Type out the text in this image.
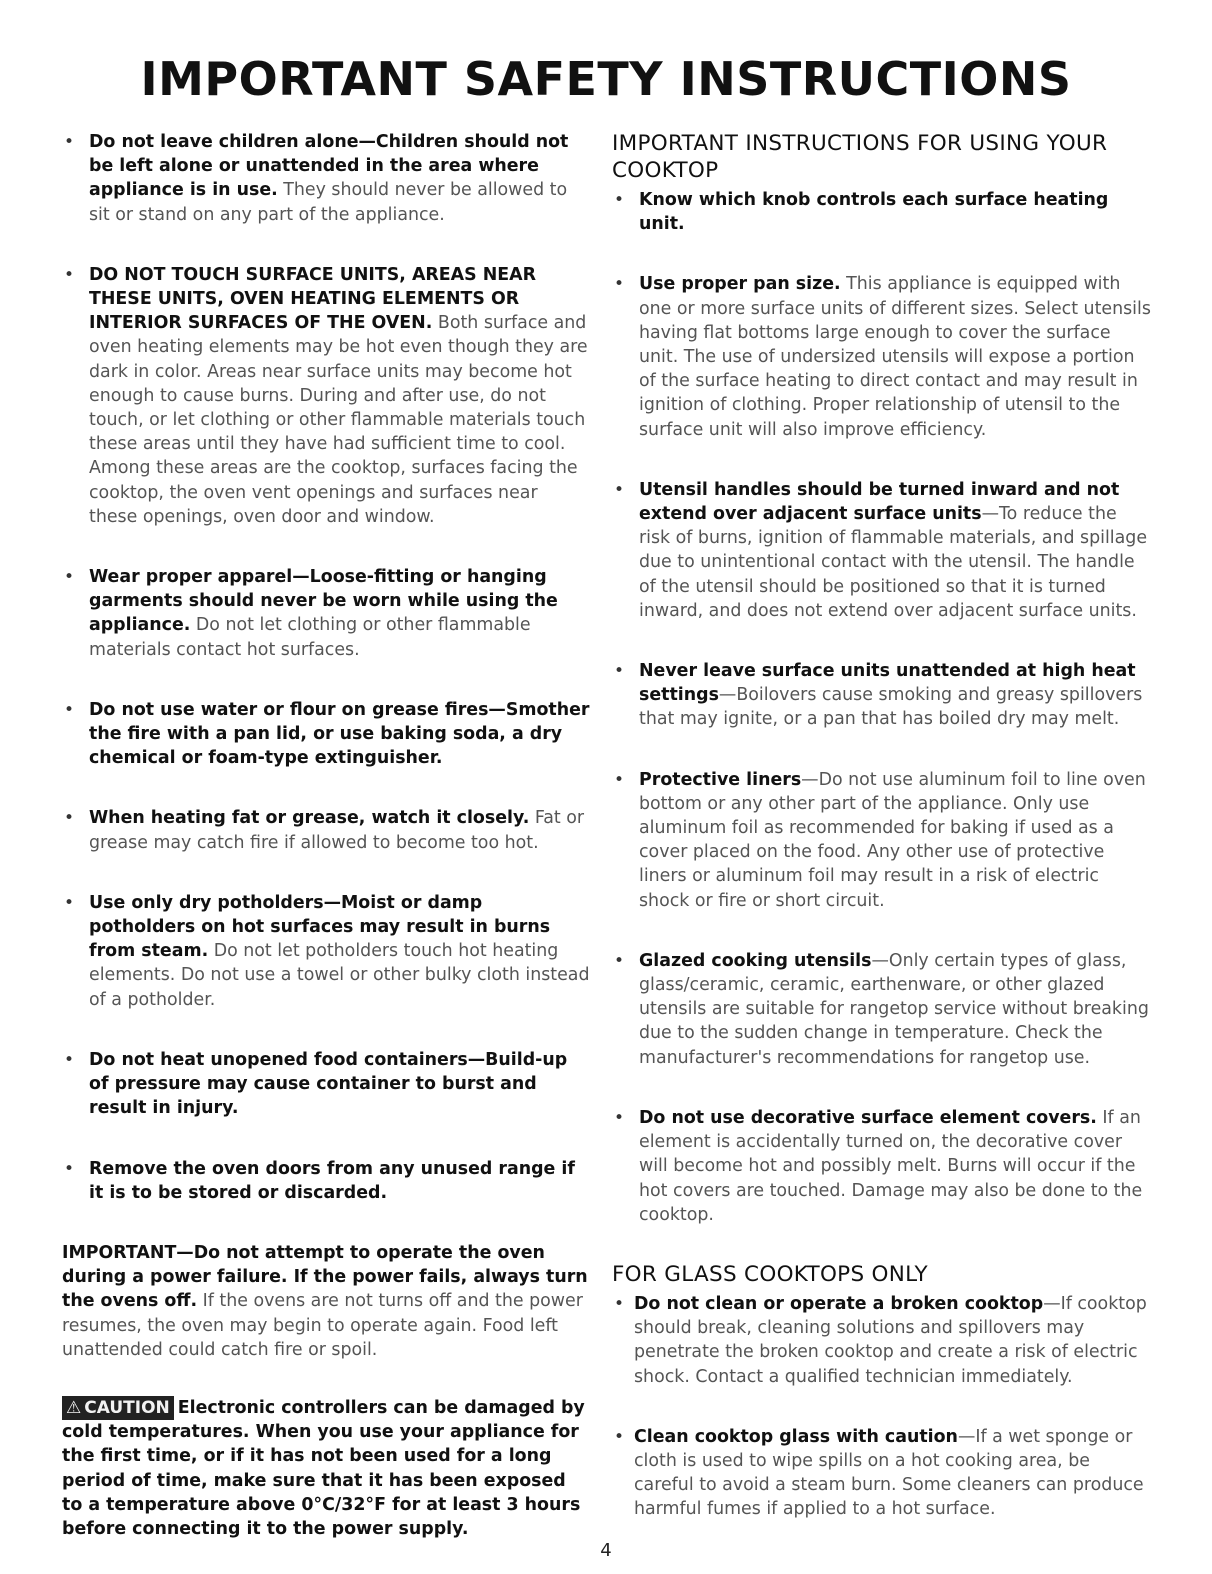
IMPORTANT SAFETY INSTRUCTIONS

• Do not leave children alone—Children should not be left alone or unattended in the area where appliance is in use. They should never be allowed to sit or stand on any part of the appliance.

• DO NOT TOUCH SURFACE UNITS, AREAS NEAR THESE UNITS, OVEN HEATING ELEMENTS OR INTERIOR SURFACES OF THE OVEN. Both surface and oven heating elements may be hot even though they are dark in color. Areas near surface units may become hot enough to cause burns. During and after use, do not touch, or let clothing or other flammable materials touch these areas until they have had sufficient time to cool. Among these areas are the cooktop, surfaces facing the cooktop, the oven vent openings and surfaces near these openings, oven door and window.

• Wear proper apparel—Loose-fitting or hanging garments should never be worn while using the appliance. Do not let clothing or other flammable materials contact hot surfaces.

• Do not use water or flour on grease fires—Smother the fire with a pan lid, or use baking soda, a dry chemical or foam-type extinguisher.

• When heating fat or grease, watch it closely. Fat or grease may catch fire if allowed to become too hot.

• Use only dry potholders—Moist or damp potholders on hot surfaces may result in burns from steam. Do not let potholders touch hot heating elements. Do not use a towel or other bulky cloth instead of a potholder.

• Do not heat unopened food containers—Build-up of pressure may cause container to burst and result in injury.

• Remove the oven doors from any unused range if it is to be stored or discarded.

IMPORTANT—Do not attempt to operate the oven during a power failure. If the power fails, always turn the ovens off. If the ovens are not turns off and the power resumes, the oven may begin to operate again. Food left unattended could catch fire or spoil.

⚠ CAUTION Electronic controllers can be damaged by cold temperatures. When you use your appliance for the first time, or if it has not been used for a long period of time, make sure that it has been exposed to a temperature above 0°C/32°F for at least 3 hours before connecting it to the power supply.

IMPORTANT INSTRUCTIONS FOR USING YOUR COOKTOP

• Know which knob controls each surface heating unit.

• Use proper pan size. This appliance is equipped with one or more surface units of different sizes. Select utensils having flat bottoms large enough to cover the surface unit. The use of undersized utensils will expose a portion of the surface heating to direct contact and may result in ignition of clothing. Proper relationship of utensil to the surface unit will also improve efficiency.

• Utensil handles should be turned inward and not extend over adjacent surface units—To reduce the risk of burns, ignition of flammable materials, and spillage due to unintentional contact with the utensil. The handle of the utensil should be positioned so that it is turned inward, and does not extend over adjacent surface units.

• Never leave surface units unattended at high heat settings—Boilovers cause smoking and greasy spillovers that may ignite, or a pan that has boiled dry may melt.

• Protective liners—Do not use aluminum foil to line oven bottom or any other part of the appliance. Only use aluminum foil as recommended for baking if used as a cover placed on the food. Any other use of protective liners or aluminum foil may result in a risk of electric shock or fire or short circuit.

• Glazed cooking utensils—Only certain types of glass, glass/ceramic, ceramic, earthenware, or other glazed utensils are suitable for rangetop service without breaking due to the sudden change in temperature. Check the manufacturer's recommendations for rangetop use.

• Do not use decorative surface element covers. If an element is accidentally turned on, the decorative cover will become hot and possibly melt. Burns will occur if the hot covers are touched. Damage may also be done to the cooktop.

FOR GLASS COOKTOPS ONLY

• Do not clean or operate a broken cooktop—If cooktop should break, cleaning solutions and spillovers may penetrate the broken cooktop and create a risk of electric shock. Contact a qualified technician immediately.

• Clean cooktop glass with caution—If a wet sponge or cloth is used to wipe spills on a hot cooking area, be careful to avoid a steam burn. Some cleaners can produce harmful fumes if applied to a hot surface.

4
